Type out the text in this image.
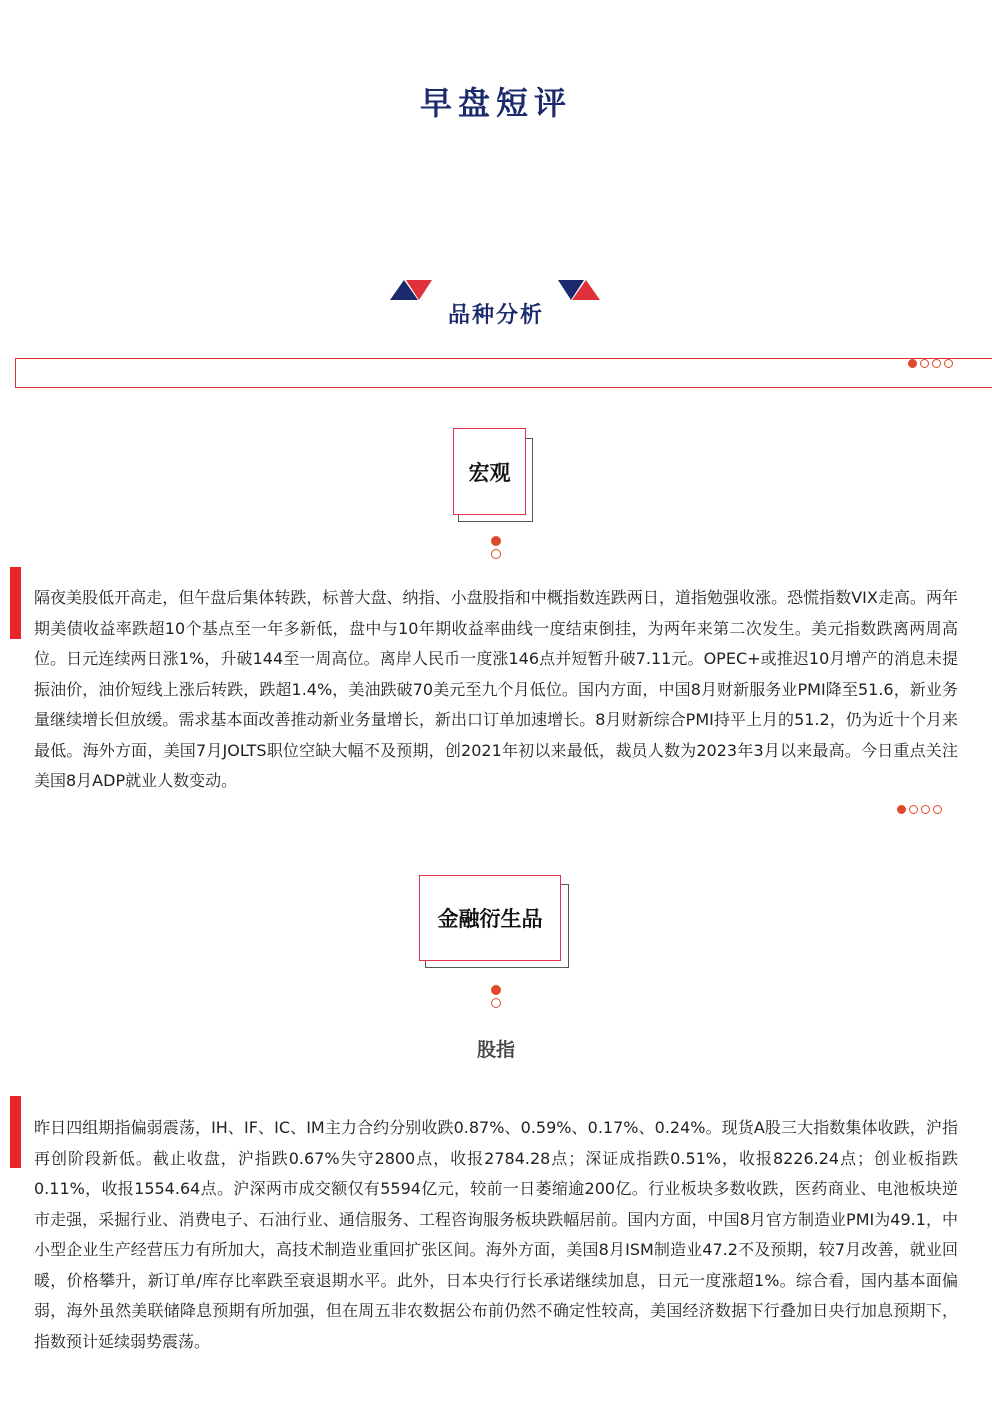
早盘短评
品种分析
宏观
隔夜美股低开高走，但午盘后集体转跌，标普大盘、纳指、小盘股指和中概指数连跌两日，道指勉强收涨。恐慌指数VIX走高。两年期美债收益率跌超10个基点至一年多新低，盘中与10年期收益率曲线一度结束倒挂，为两年来第二次发生。美元指数跌离两周高位。日元连续两日涨1%，升破144至一周高位。离岸人民币一度涨146点并短暂升破7.11元。OPEC+或推迟10月增产的消息未提振油价，油价短线上涨后转跌，跌超1.4%，美油跌破70美元至九个月低位。国内方面，中国8月财新服务业PMI降至51.6，新业务量继续增长但放缓。需求基本面改善推动新业务量增长，新出口订单加速增长。8月财新综合PMI持平上月的51.2，仍为近十个月来最低。海外方面，美国7月JOLTS职位空缺大幅不及预期，创2021年初以来最低，裁员人数为2023年3月以来最高。今日重点关注美国8月ADP就业人数变动。
金融衍生品
股指
昨日四组期指偏弱震荡，IH、IF、IC、IM主力合约分别收跌0.87%、0.59%、0.17%、0.24%。现货A股三大指数集体收跌，沪指再创阶段新低。截止收盘，沪指跌0.67%失守2800点，收报2784.28点；深证成指跌0.51%，收报8226.24点；创业板指跌0.11%，收报1554.64点。沪深两市成交额仅有5594亿元，较前一日萎缩逾200亿。行业板块多数收跌，医药商业、电池板块逆市走强，采掘行业、消费电子、石油行业、通信服务、工程咨询服务板块跌幅居前。国内方面，中国8月官方制造业PMI为49.1，中小型企业生产经营压力有所加大，高技术制造业重回扩张区间。海外方面，美国8月ISM制造业47.2不及预期，较7月改善，就业回暖，价格攀升，新订单/库存比率跌至衰退期水平。此外，日本央行行长承诺继续加息，日元一度涨超1%。综合看，国内基本面偏弱，海外虽然美联储降息预期有所加强，但在周五非农数据公布前仍然不确定性较高，美国经济数据下行叠加日央行加息预期下，指数预计延续弱势震荡。
